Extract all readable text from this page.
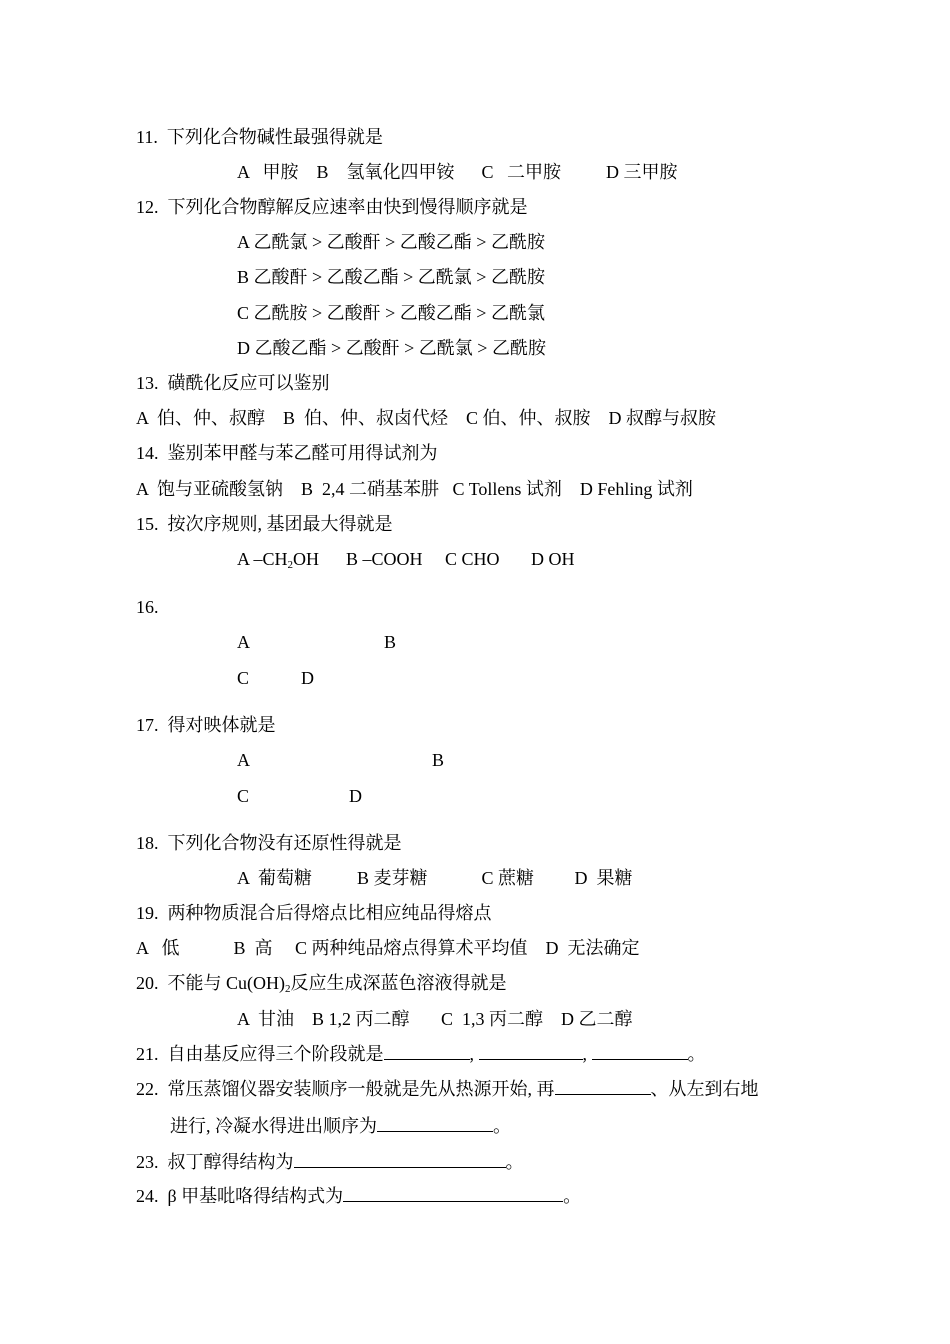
11.  下列化合物碱性最强得就是
A   甲胺    B    氢氧化四甲铵      C   二甲胺          D 三甲胺
12.  下列化合物醇解反应速率由快到慢得顺序就是
A 乙酰氯 > 乙酸酐 > 乙酸乙酯 > 乙酰胺
B 乙酸酐 > 乙酸乙酯 > 乙酰氯 > 乙酰胺
C 乙酰胺 > 乙酸酐 > 乙酸乙酯 > 乙酰氯
D 乙酸乙酯 > 乙酸酐 > 乙酰氯 > 乙酰胺
13.  磺酰化反应可以鉴别
A  伯、仲、叔醇    B  伯、仲、叔卤代烃    C 伯、仲、叔胺    D 叔醇与叔胺
14.  鉴别苯甲醛与苯乙醛可用得试剂为
A  饱与亚硫酸氢钠    B  2,4 二硝基苯肼   C Tollens 试剂    D Fehling 试剂
15.  按次序规则, 基团最大得就是
A $-CH_2OH$      B –COOH     C CHO       D OH
16.
A	B
C	D
17.  得对映体就是
A	B
C	D
18.  下列化合物没有还原性得就是
A  葡萄糖          B 麦芽糖            C 蔗糖         D  果糖
19.  两种物质混合后得熔点比相应纯品得熔点
A   低            B  高     C 两种纯品熔点得算术平均值    D  无法确定
20.  不能与 $Cu(OH)_2$反应生成深蓝色溶液得就是
A  甘油    B 1,2 丙二醇       C  1,3 丙二醇    D 乙二醇
21.  自由基反应得三个阶段就是	,	,	。
22.  常压蒸馏仪器安装顺序一般就是先从热源开始, 再	、从左到右地
进行, 冷凝水得进出顺序为	。
23.  叔丁醇得结构为	。
24.  β 甲基吡咯得结构式为	。
